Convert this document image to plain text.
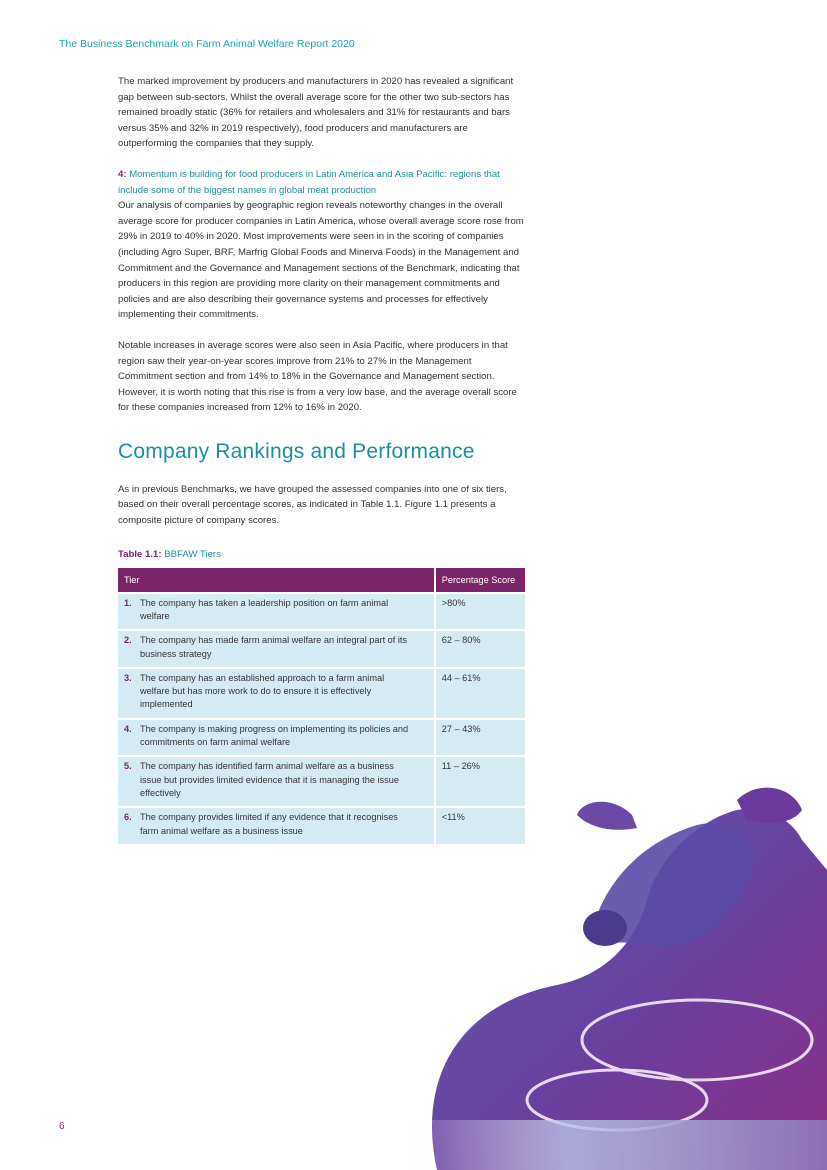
The Business Benchmark on Farm Animal Welfare Report 2020

The marked improvement by producers and manufacturers in 2020 has revealed a significant gap between sub-sectors. Whilst the overall average score for the other two sub-sectors has remained broadly static (36% for retailers and wholesalers and 31% for restaurants and bars versus 35% and 32% in 2019 respectively), food producers and manufacturers are outperforming the companies that they supply.

4: Momentum is building for food producers in Latin America and Asia Pacific: regions that include some of the biggest names in global meat production

Our analysis of companies by geographic region reveals noteworthy changes in the overall average score for producer companies in Latin America, whose overall average score rose from 29% in 2019 to 40% in 2020. Most improvements were seen in in the scoring of companies (including Agro Super, BRF, Marfrig Global Foods and Minerva Foods) in the Management and Commitment and the Governance and Management sections of the Benchmark, indicating that producers in this region are providing more clarity on their management commitments and policies and are also describing their governance systems and processes for effectively implementing their commitments.

Notable increases in average scores were also seen in Asia Pacific, where producers in that region saw their year-on-year scores improve from 21% to 27% in the Management Commitment section and from 14% to 18% in the Governance and Management section. However, it is worth noting that this rise is from a very low base, and the average overall score for these companies increased from 12% to 16% in 2020.

Company Rankings and Performance

As in previous Benchmarks, we have grouped the assessed companies into one of six tiers, based on their overall percentage scores, as indicated in Table 1.1. Figure 1.1 presents a composite picture of company scores.

Table 1.1: BBFAW Tiers
Tier	Percentage Score
1. The company has taken a leadership position on farm animal welfare	>80%
2. The company has made farm animal welfare an integral part of its business strategy	62 – 80%
3. The company has an established approach to a farm animal welfare but has more work to do to ensure it is effectively implemented	44 – 61%
4. The company is making progress on implementing its policies and commitments on farm animal welfare	27 – 43%
5. The company has identified farm animal welfare as a business issue but provides limited evidence that it is managing the issue effectively	11 – 26%
6. The company provides limited if any evidence that it recognises farm animal welfare as a business issue	<11%
6
